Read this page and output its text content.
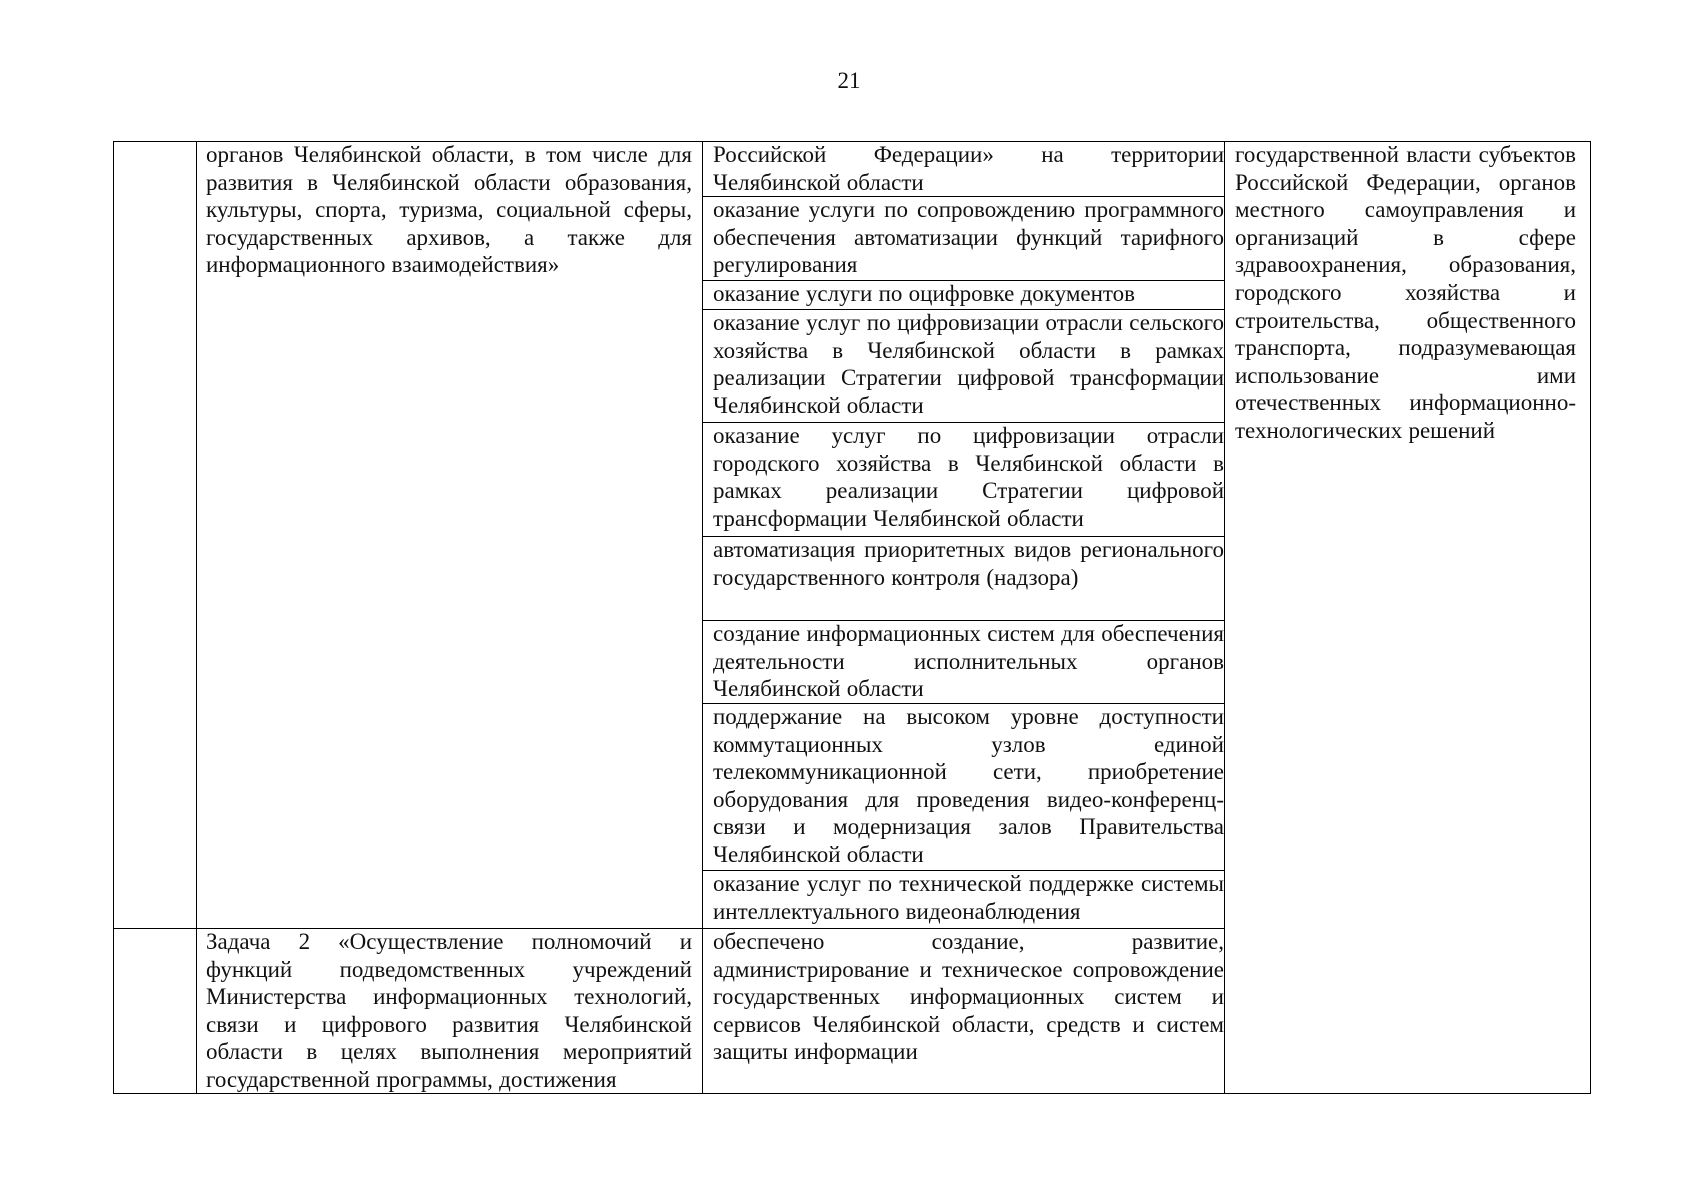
21
органов Челябинской области, в том числе для развития в Челябинской области образования, культуры, спорта, туризма, социальной сферы, государственных архивов, а также для информационного взаимодействия»
Российской Федерации» на территории Челябинской области
оказание услуги по сопровождению программного обеспечения автоматизации функций тарифного регулирования
оказание услуги по оцифровке документов
оказание услуг по цифровизации отрасли сельского хозяйства в Челябинской области в рамках реализации Стратегии цифровой трансформации Челябинской области
оказание услуг по цифровизации отрасли городского хозяйства в Челябинской области в рамках реализации Стратегии цифровой трансформации Челябинской области
автоматизация приоритетных видов регионального государственного контроля (надзора)
создание информационных систем для обеспечения деятельности исполнительных органов Челябинской области
поддержание на высоком уровне доступности коммутационных узлов единой телекоммуникационной сети, приобретение оборудования для проведения видео-конференц-связи и модернизация залов Правительства Челябинской области
оказание услуг по технической поддержке системы интеллектуального видеонаблюдения
государственной власти субъектов Российской Федерации, органов местного самоуправления и организаций в сфере здравоохранения, образования, городского хозяйства и строительства, общественного транспорта, подразумевающая использование ими отечественных информационно-технологических решений
Задача 2 «Осуществление полномочий и функций подведомственных учреждений Министерства информационных технологий, связи и цифрового развития Челябинской области в целях выполнения мероприятий государственной программы, достижения
обеспечено создание, развитие, администрирование и техническое сопровождение государственных информационных систем и сервисов Челябинской области, средств и систем защиты информации
